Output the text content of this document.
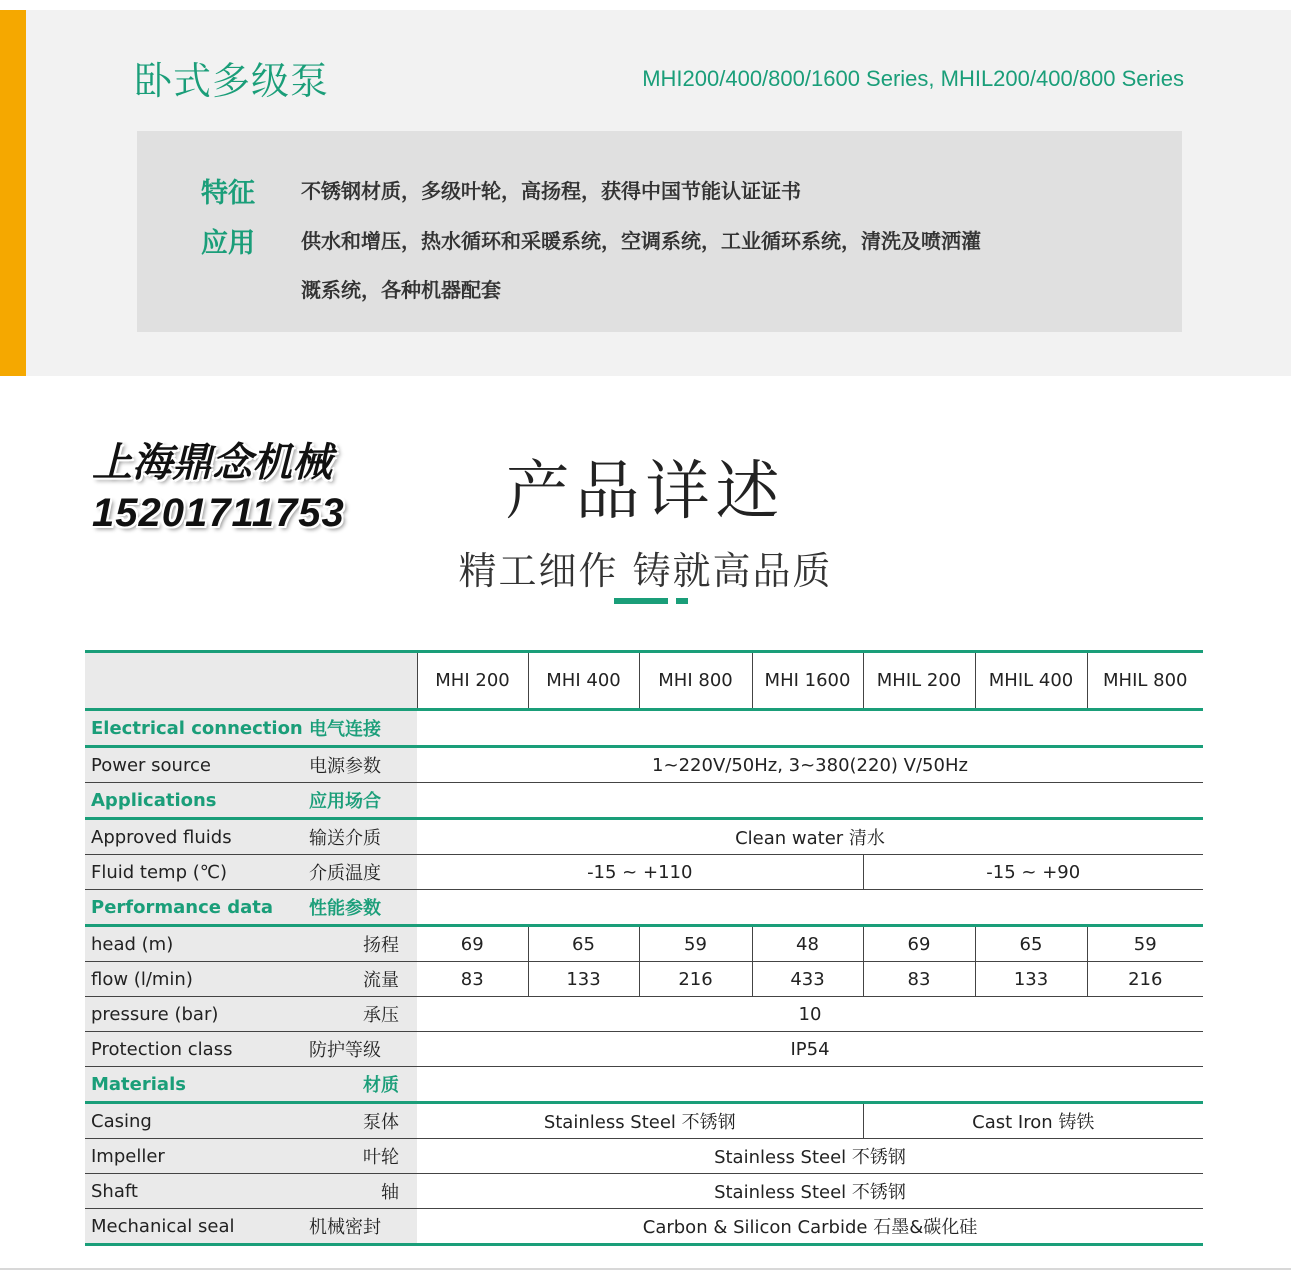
卧式多级泵	MHI200/400/800/1600 Series, MHIL200/400/800 Series
特征 不锈钢材质，多级叶轮，高扬程，获得中国节能认证证书
应用 供水和增压，热水循环和采暖系统，空调系统，工业循环系统，清洗及喷洒灌
溉系统，各种机器配套
上海鼎念机械
15201711753	产品详述
精工细作 铸就高品质
		MHI 200	MHI 400	MHI 800	MHI 1600	MHIL 200	MHIL 400	MHIL 800
Electrical connection	电气连接							
Power source	电源参数	1~220V/50Hz, 3~380(220) V/50Hz						
Applications	应用场合							
Approved fluids	输送介质	Clean water 清水						
Fluid temp (℃)	介质温度	-15 ~ +110				-15 ~ +90		
Performance data	性能参数							
head (m)	扬程	69	65	59	48	69	65	59
flow (l/min)	流量	83	133	216	433	83	133	216
pressure (bar)	承压	10						
Protection class	防护等级	IP54						
Materials	材质							
Casing	泵体	Stainless Steel 不锈钢				Cast Iron 铸铁		
Impeller	叶轮	Stainless Steel 不锈钢						
Shaft	轴	Stainless Steel 不锈钢						
Mechanical seal	机械密封	Carbon & Silicon Carbide 石墨&碳化硅						
